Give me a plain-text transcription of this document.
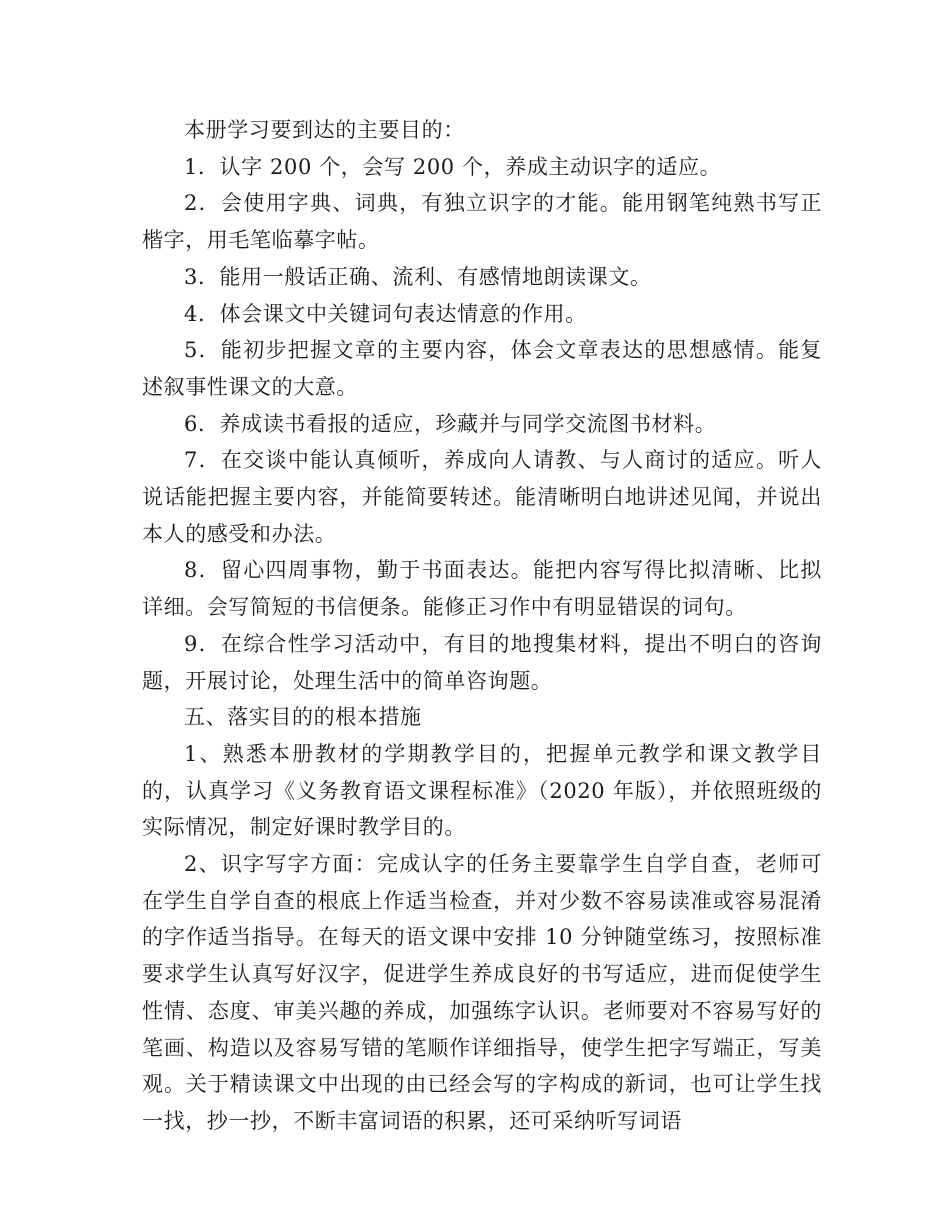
本册学习要到达的主要目的：

1．认字 200 个，会写 200 个，养成主动识字的适应。

2．会使用字典、词典，有独立识字的才能。能用钢笔纯熟书写正楷字，用毛笔临摹字帖。

3．能用一般话正确、流利、有感情地朗读课文。

4．体会课文中关键词句表达情意的作用。

5．能初步把握文章的主要内容，体会文章表达的思想感情。能复述叙事性课文的大意。

6．养成读书看报的适应，珍藏并与同学交流图书材料。

7．在交谈中能认真倾听，养成向人请教、与人商讨的适应。听人说话能把握主要内容，并能简要转述。能清晰明白地讲述见闻，并说出本人的感受和办法。

8．留心四周事物，勤于书面表达。能把内容写得比拟清晰、比拟详细。会写简短的书信便条。能修正习作中有明显错误的词句。

9．在综合性学习活动中，有目的地搜集材料，提出不明白的咨询题，开展讨论，处理生活中的简单咨询题。

五、落实目的的根本措施

1、熟悉本册教材的学期教学目的，把握单元教学和课文教学目的，认真学习《义务教育语文课程标准》（2020 年版），并依照班级的实际情况，制定好课时教学目的。

2、识字写字方面：完成认字的任务主要靠学生自学自查，老师可在学生自学自查的根底上作适当检查，并对少数不容易读准或容易混淆的字作适当指导。在每天的语文课中安排 10 分钟随堂练习，按照标准要求学生认真写好汉字，促进学生养成良好的书写适应，进而促使学生性情、态度、审美兴趣的养成，加强练字认识。老师要对不容易写好的笔画、构造以及容易写错的笔顺作详细指导，使学生把字写端正，写美观。关于精读课文中出现的由已经会写的字构成的新词，也可让学生找一找，抄一抄，不断丰富词语的积累，还可采纳听写词语
